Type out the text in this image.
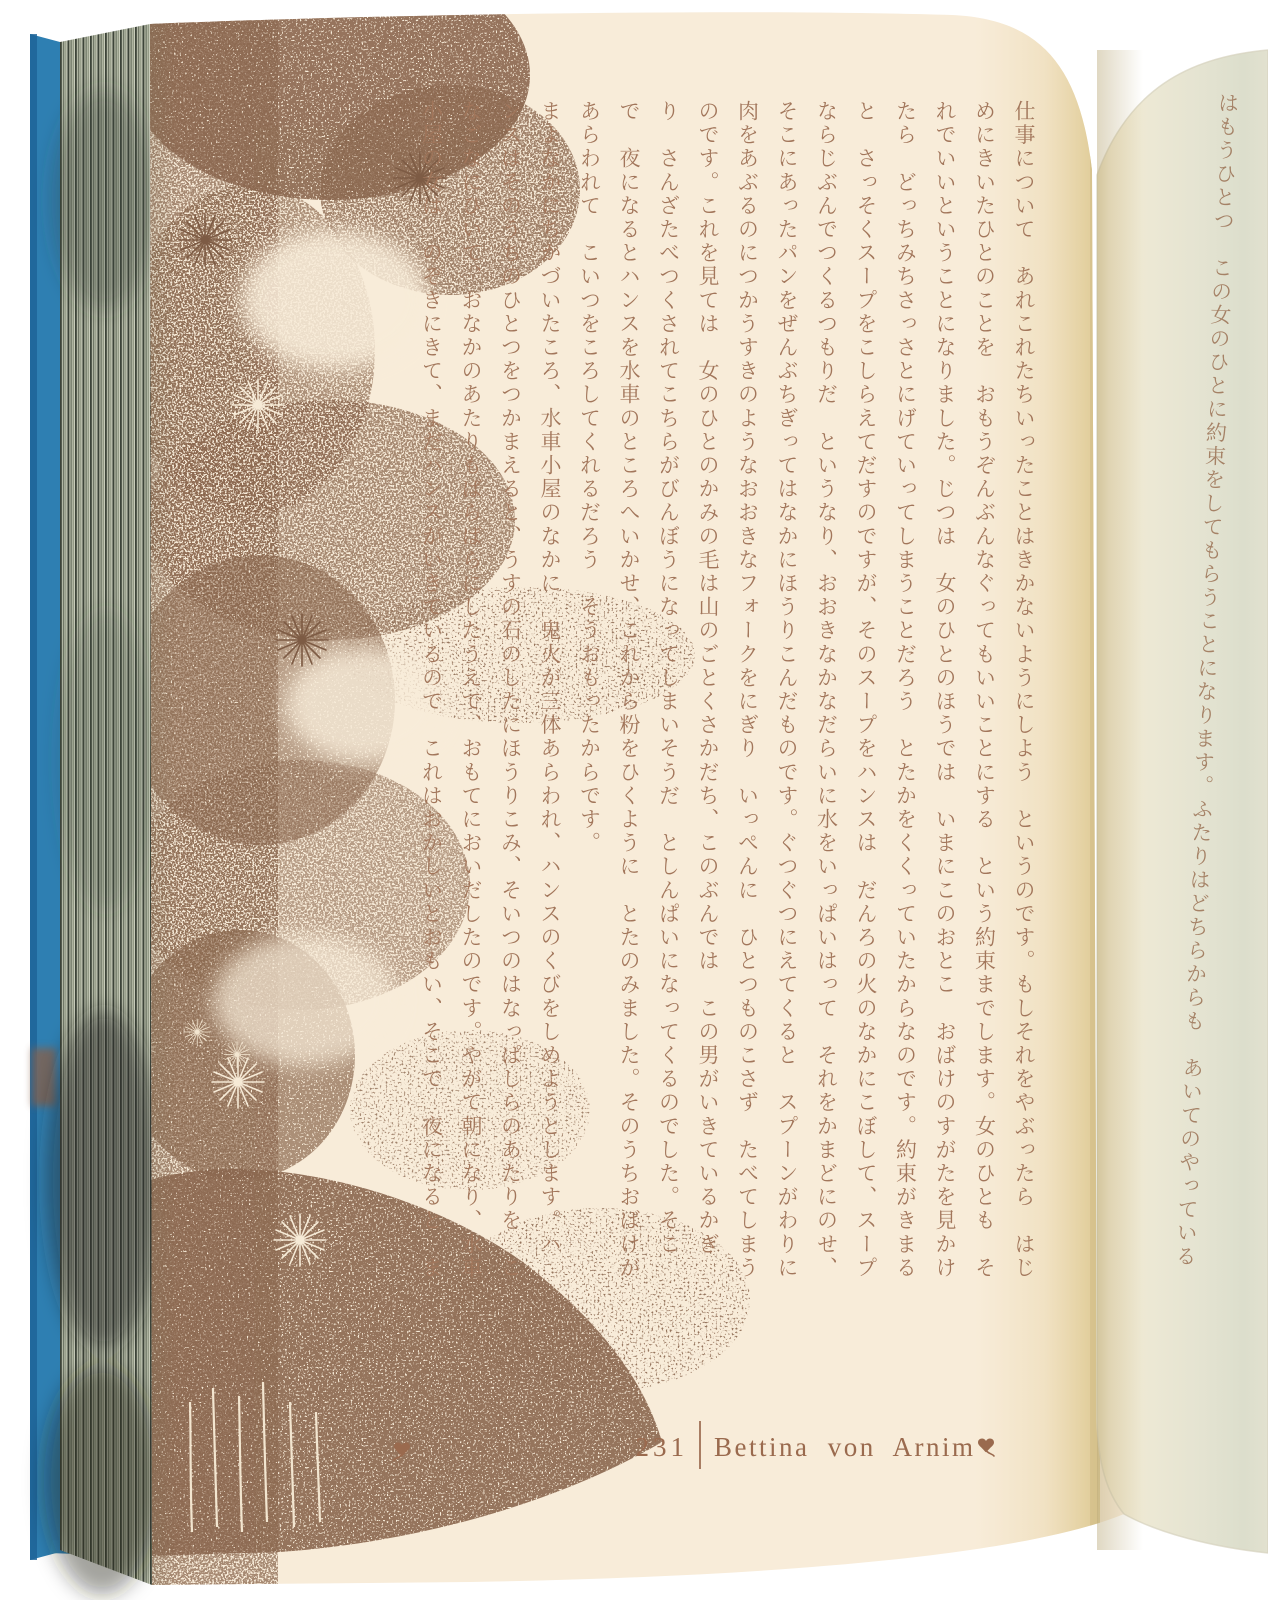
仕事について　あれこれたちいったことはきかないようにしよう　というのです。もしそれをやぶったら　はじ

めにきいたひとのことを　おもうぞんぶんなぐってもいいことにする　という約束までします。女のひとも　そ

れでいいということになりました。じつは　女のひとのほうでは　いまにこのおとこ　おばけのすがたを見かけ

たら　どっちみちさっさとにげていってしまうことだろう　とたかをくくっていたからなのです。約束がきまる

と　さっそくスープをこしらえてだすのですが、そのスープをハンスは　だんろの火のなかにこぼして、スープ

ならじぶんでつくるつもりだ　というなり、おおきなかなだらいに水をいっぱいはって　それをかまどにのせ、

そこにあったパンをぜんぶちぎってはなかにほうりこんだものです。ぐつぐつにえてくると　スプーンがわりに

肉をあぶるのにつかうすきのようなおおきなフォークをにぎり　いっぺんに　ひとつものこさず　たべてしまう

のです。これを見ては　女のひとのかみの毛は山のごとくさかだち、このぶんでは　この男がいきているかぎ

り　さんざたべつくされてこちらがびんぼうになってしまいそうだ　としんぱいになってくるのでした。そこ

で　夜になるとハンスを水車のところへいかせ、これから粉をひくように　とたのみました。そのうちおばけが

あらわれて　こいつをころしてくれるだろう　そうおもったからです。

まよなかにちかづいたころ、水車小屋のなかに　鬼火が三体あらわれ、ハンスのくびをしめようとします。ハ

ンスはそのうちのひとつをつかまえると、うすの石のしたにほうりこみ、そいつのはなっぱしらのあたりを　こ

なごなにひいて、おなかのあたりもばらばらにしたうえで、おもてにおいだしたのです。やがて朝になり、水車

小屋の女は　のぞきにきて、まだハンスがいきているので　これはおかしいとおもい、そこで　夜になると　ま	はもうひとつ　この女のひとに約束をしてもらうことになります。ふたりはどちらからも　あいてのやっている

231 Bettina von Arnim
